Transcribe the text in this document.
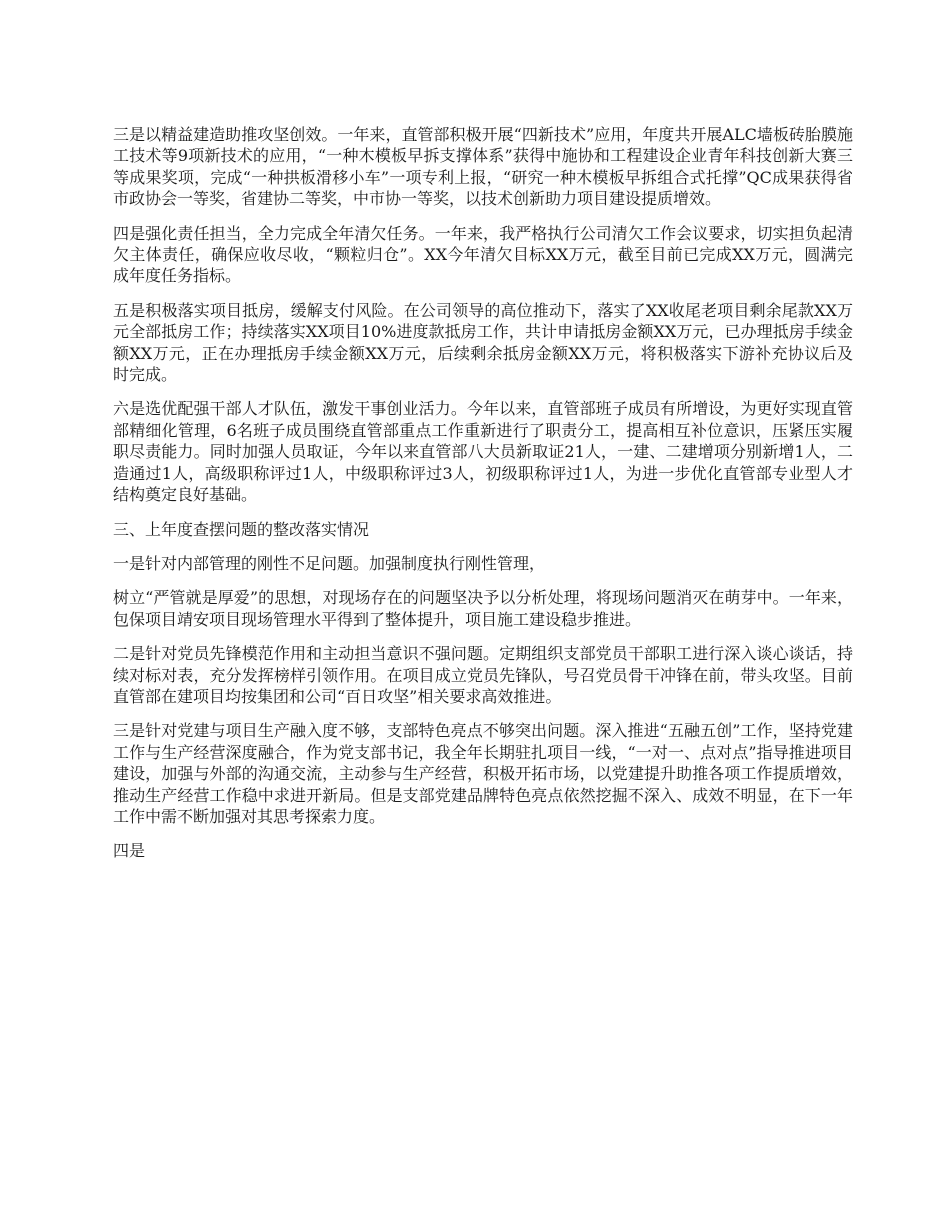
三是以精益建造助推攻坚创效。一年来，直管部积极开展“四新技术”应用，年度共开展ALC墙板砖胎膜施工技术等9项新技术的应用，“一种木模板早拆支撑体系”获得中施协和工程建设企业青年科技创新大赛三等成果奖项，完成“一种拱板滑移小车”一项专利上报，“研究一种木模板早拆组合式托撑”QC成果获得省市政协会一等奖，省建协二等奖，中市协一等奖，以技术创新助力项目建设提质增效。

四是强化责任担当，全力完成全年清欠任务。一年来，我严格执行公司清欠工作会议要求，切实担负起清欠主体责任，确保应收尽收，“颗粒归仓”。XX今年清欠目标XX万元，截至目前已完成XX万元，圆满完成年度任务指标。

五是积极落实项目抵房，缓解支付风险。在公司领导的高位推动下，落实了XX收尾老项目剩余尾款XX万元全部抵房工作；持续落实XX项目10%进度款抵房工作，共计申请抵房金额XX万元，已办理抵房手续金额XX万元，正在办理抵房手续金额XX万元，后续剩余抵房金额XX万元，将积极落实下游补充协议后及时完成。

六是选优配强干部人才队伍，激发干事创业活力。今年以来，直管部班子成员有所增设，为更好实现直管部精细化管理，6名班子成员围绕直管部重点工作重新进行了职责分工，提高相互补位意识，压紧压实履职尽责能力。同时加强人员取证，今年以来直管部八大员新取证21人，一建、二建增项分别新增1人，二造通过1人，高级职称评过1人，中级职称评过3人，初级职称评过1人，为进一步优化直管部专业型人才结构奠定良好基础。

三、上年度查摆问题的整改落实情况

一是针对内部管理的刚性不足问题。加强制度执行刚性管理，

树立“严管就是厚爱”的思想，对现场存在的问题坚决予以分析处理，将现场问题消灭在萌芽中。一年来，包保项目靖安项目现场管理水平得到了整体提升，项目施工建设稳步推进。

二是针对党员先锋模范作用和主动担当意识不强问题。定期组织支部党员干部职工进行深入谈心谈话，持续对标对表，充分发挥榜样引领作用。在项目成立党员先锋队，号召党员骨干冲锋在前，带头攻坚。目前直管部在建项目均按集团和公司“百日攻坚”相关要求高效推进。

三是针对党建与项目生产融入度不够，支部特色亮点不够突出问题。深入推进“五融五创”工作，坚持党建工作与生产经营深度融合，作为党支部书记，我全年长期驻扎项目一线，“一对一、点对点”指导推进项目建设，加强与外部的沟通交流，主动参与生产经营，积极开拓市场，以党建提升助推各项工作提质增效，推动生产经营工作稳中求进开新局。但是支部党建品牌特色亮点依然挖掘不深入、成效不明显，在下一年工作中需不断加强对其思考探索力度。

四是
